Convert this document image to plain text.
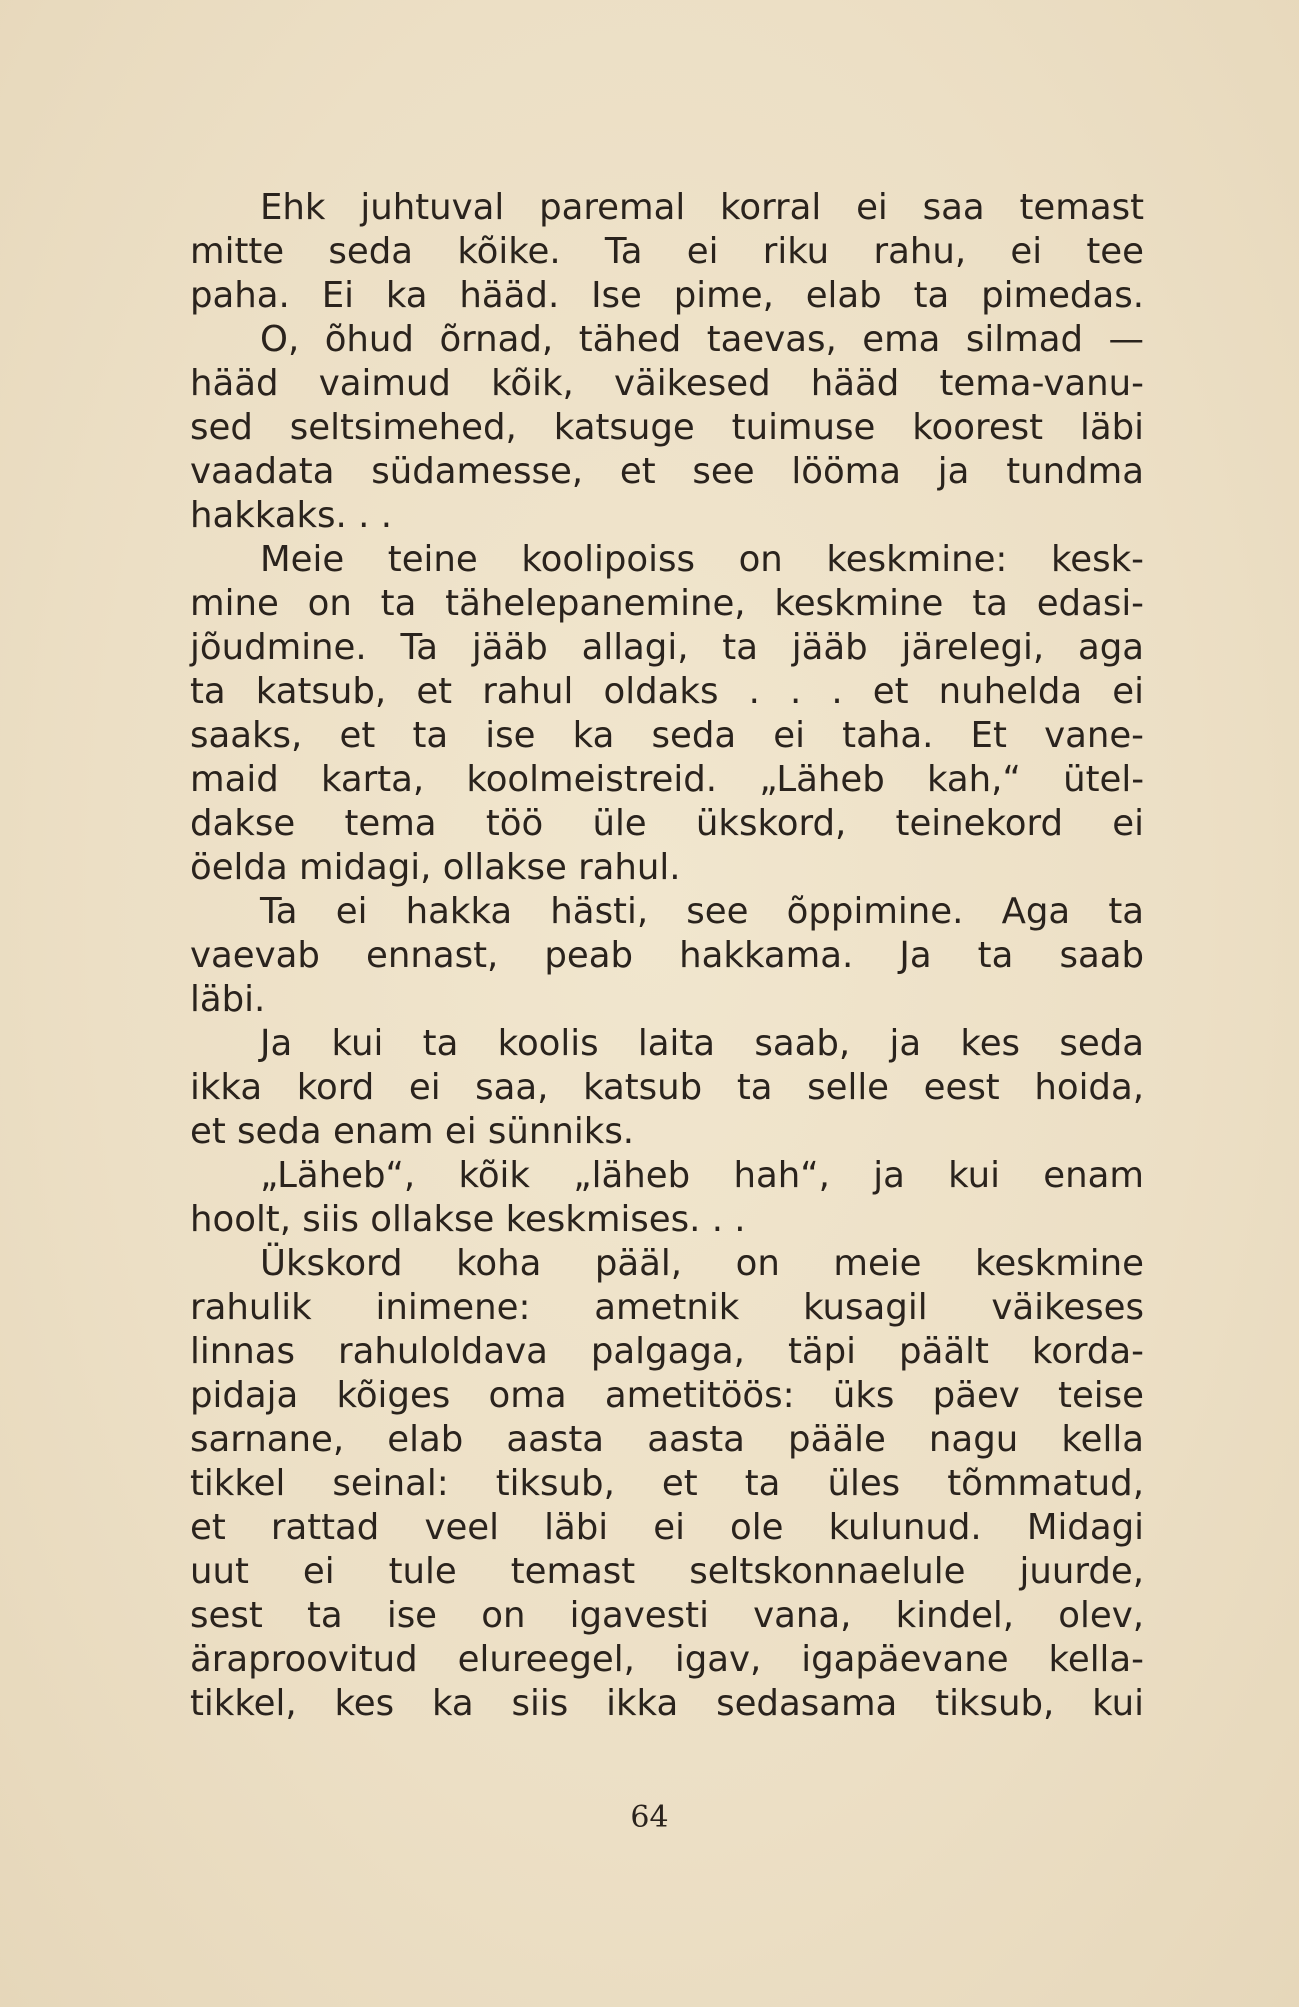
Ehk juhtuval paremal korral ei saa temast
mitte seda kõike. Ta ei riku rahu, ei tee
paha. Ei ka hääd. Ise pime, elab ta pimedas.
O, õhud õrnad, tähed taevas, ema silmad —
hääd vaimud kõik, väikesed hääd tema-vanu-
sed seltsimehed, katsuge tuimuse koorest läbi
vaadata südamesse, et see lööma ja tundma
hakkaks. . .
Meie teine koolipoiss on keskmine: kesk-
mine on ta tähelepanemine, keskmine ta edasi-
jõudmine. Ta jääb allagi, ta jääb järelegi, aga
ta katsub, et rahul oldaks . . . et nuhelda ei
saaks, et ta ise ka seda ei taha. Et vane-
maid karta, koolmeistreid. „Läheb kah,“ ütel-
dakse tema töö üle ükskord, teinekord ei
öelda midagi, ollakse rahul.
Ta ei hakka hästi, see õppimine. Aga ta
vaevab ennast, peab hakkama. Ja ta saab
läbi.
Ja kui ta koolis laita saab, ja kes seda
ikka kord ei saa, katsub ta selle eest hoida,
et seda enam ei sünniks.
„Läheb“, kõik „läheb hah“, ja kui enam
hoolt, siis ollakse keskmises. . .
Ükskord koha pääl, on meie keskmine
rahulik inimene: ametnik kusagil väikeses
linnas rahuloldava palgaga, täpi päält korda-
pidaja kõiges oma ametitöös: üks päev teise
sarnane, elab aasta aasta pääle nagu kella
tikkel seinal: tiksub, et ta üles tõmmatud,
et rattad veel läbi ei ole kulunud. Midagi
uut ei tule temast seltskonnaelule juurde,
sest ta ise on igavesti vana, kindel, olev,
äraproovitud elureegel, igav, igapäevane kella-
tikkel, kes ka siis ikka sedasama tiksub, kui
64
